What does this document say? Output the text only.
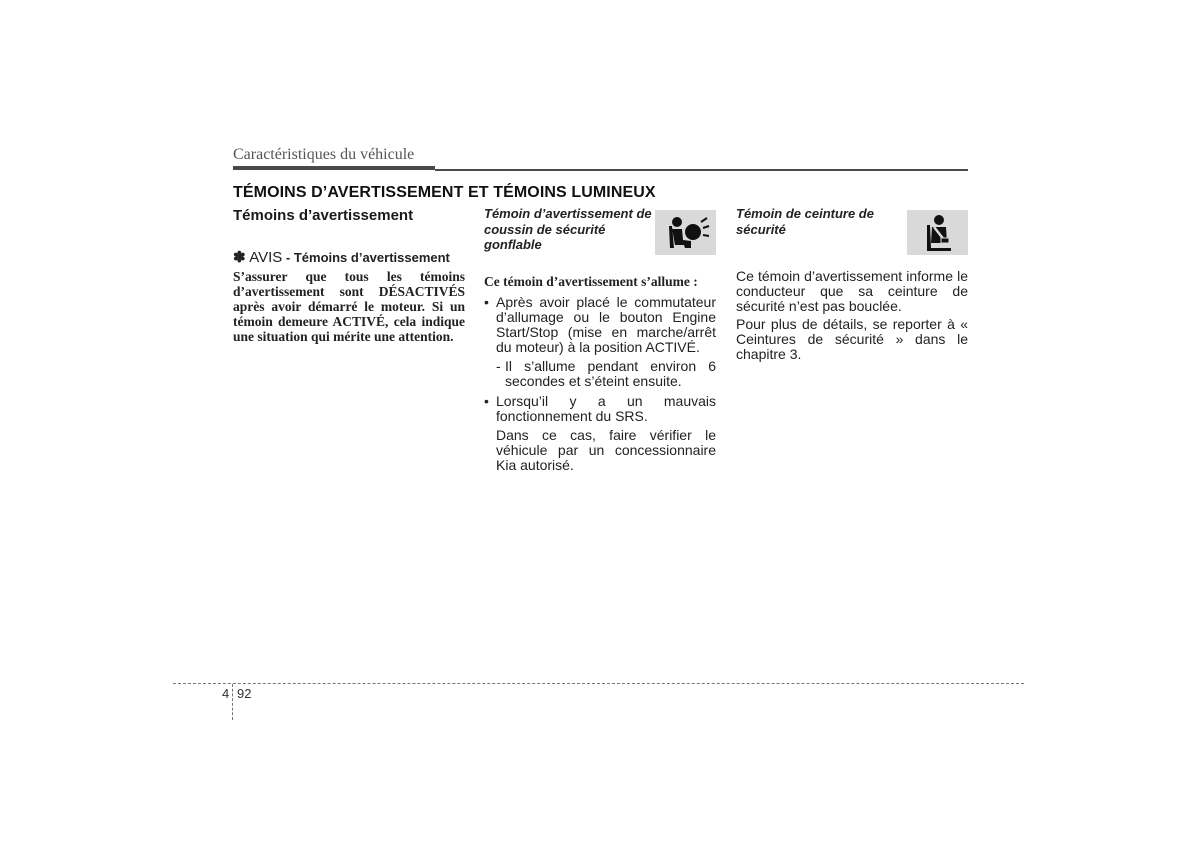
Caractéristiques du véhicule
TÉMOINS D’AVERTISSEMENT ET TÉMOINS LUMINEUX
Témoins d’avertissement
✽ AVIS - Témoins d’avertissement
S’assurer que tous les témoins d’avertissement sont DÉSACTIVÉS après avoir démarré le moteur. Si un témoin demeure ACTIVÉ, cela indique une situation qui mérite une attention.
Témoin d’avertissement de coussin de sécurité gonflable
Ce témoin d’avertissement s’allume :
• Après avoir placé le commutateur d’allumage ou le bouton Engine Start/Stop (mise en marche/arrêt du moteur) à la position ACTIVÉ.
- Il s’allume pendant environ 6 secondes et s’éteint ensuite.
• Lorsqu’il y a un mauvais fonctionnement du SRS.
Dans ce cas, faire vérifier le véhicule par un concessionnaire Kia autorisé.
Témoin de ceinture de sécurité
Ce témoin d’avertissement informe le conducteur que sa ceinture de sécurité n’est pas bouclée.
Pour plus de détails, se reporter à « Ceintures de sécurité » dans le chapitre 3.
4 92
